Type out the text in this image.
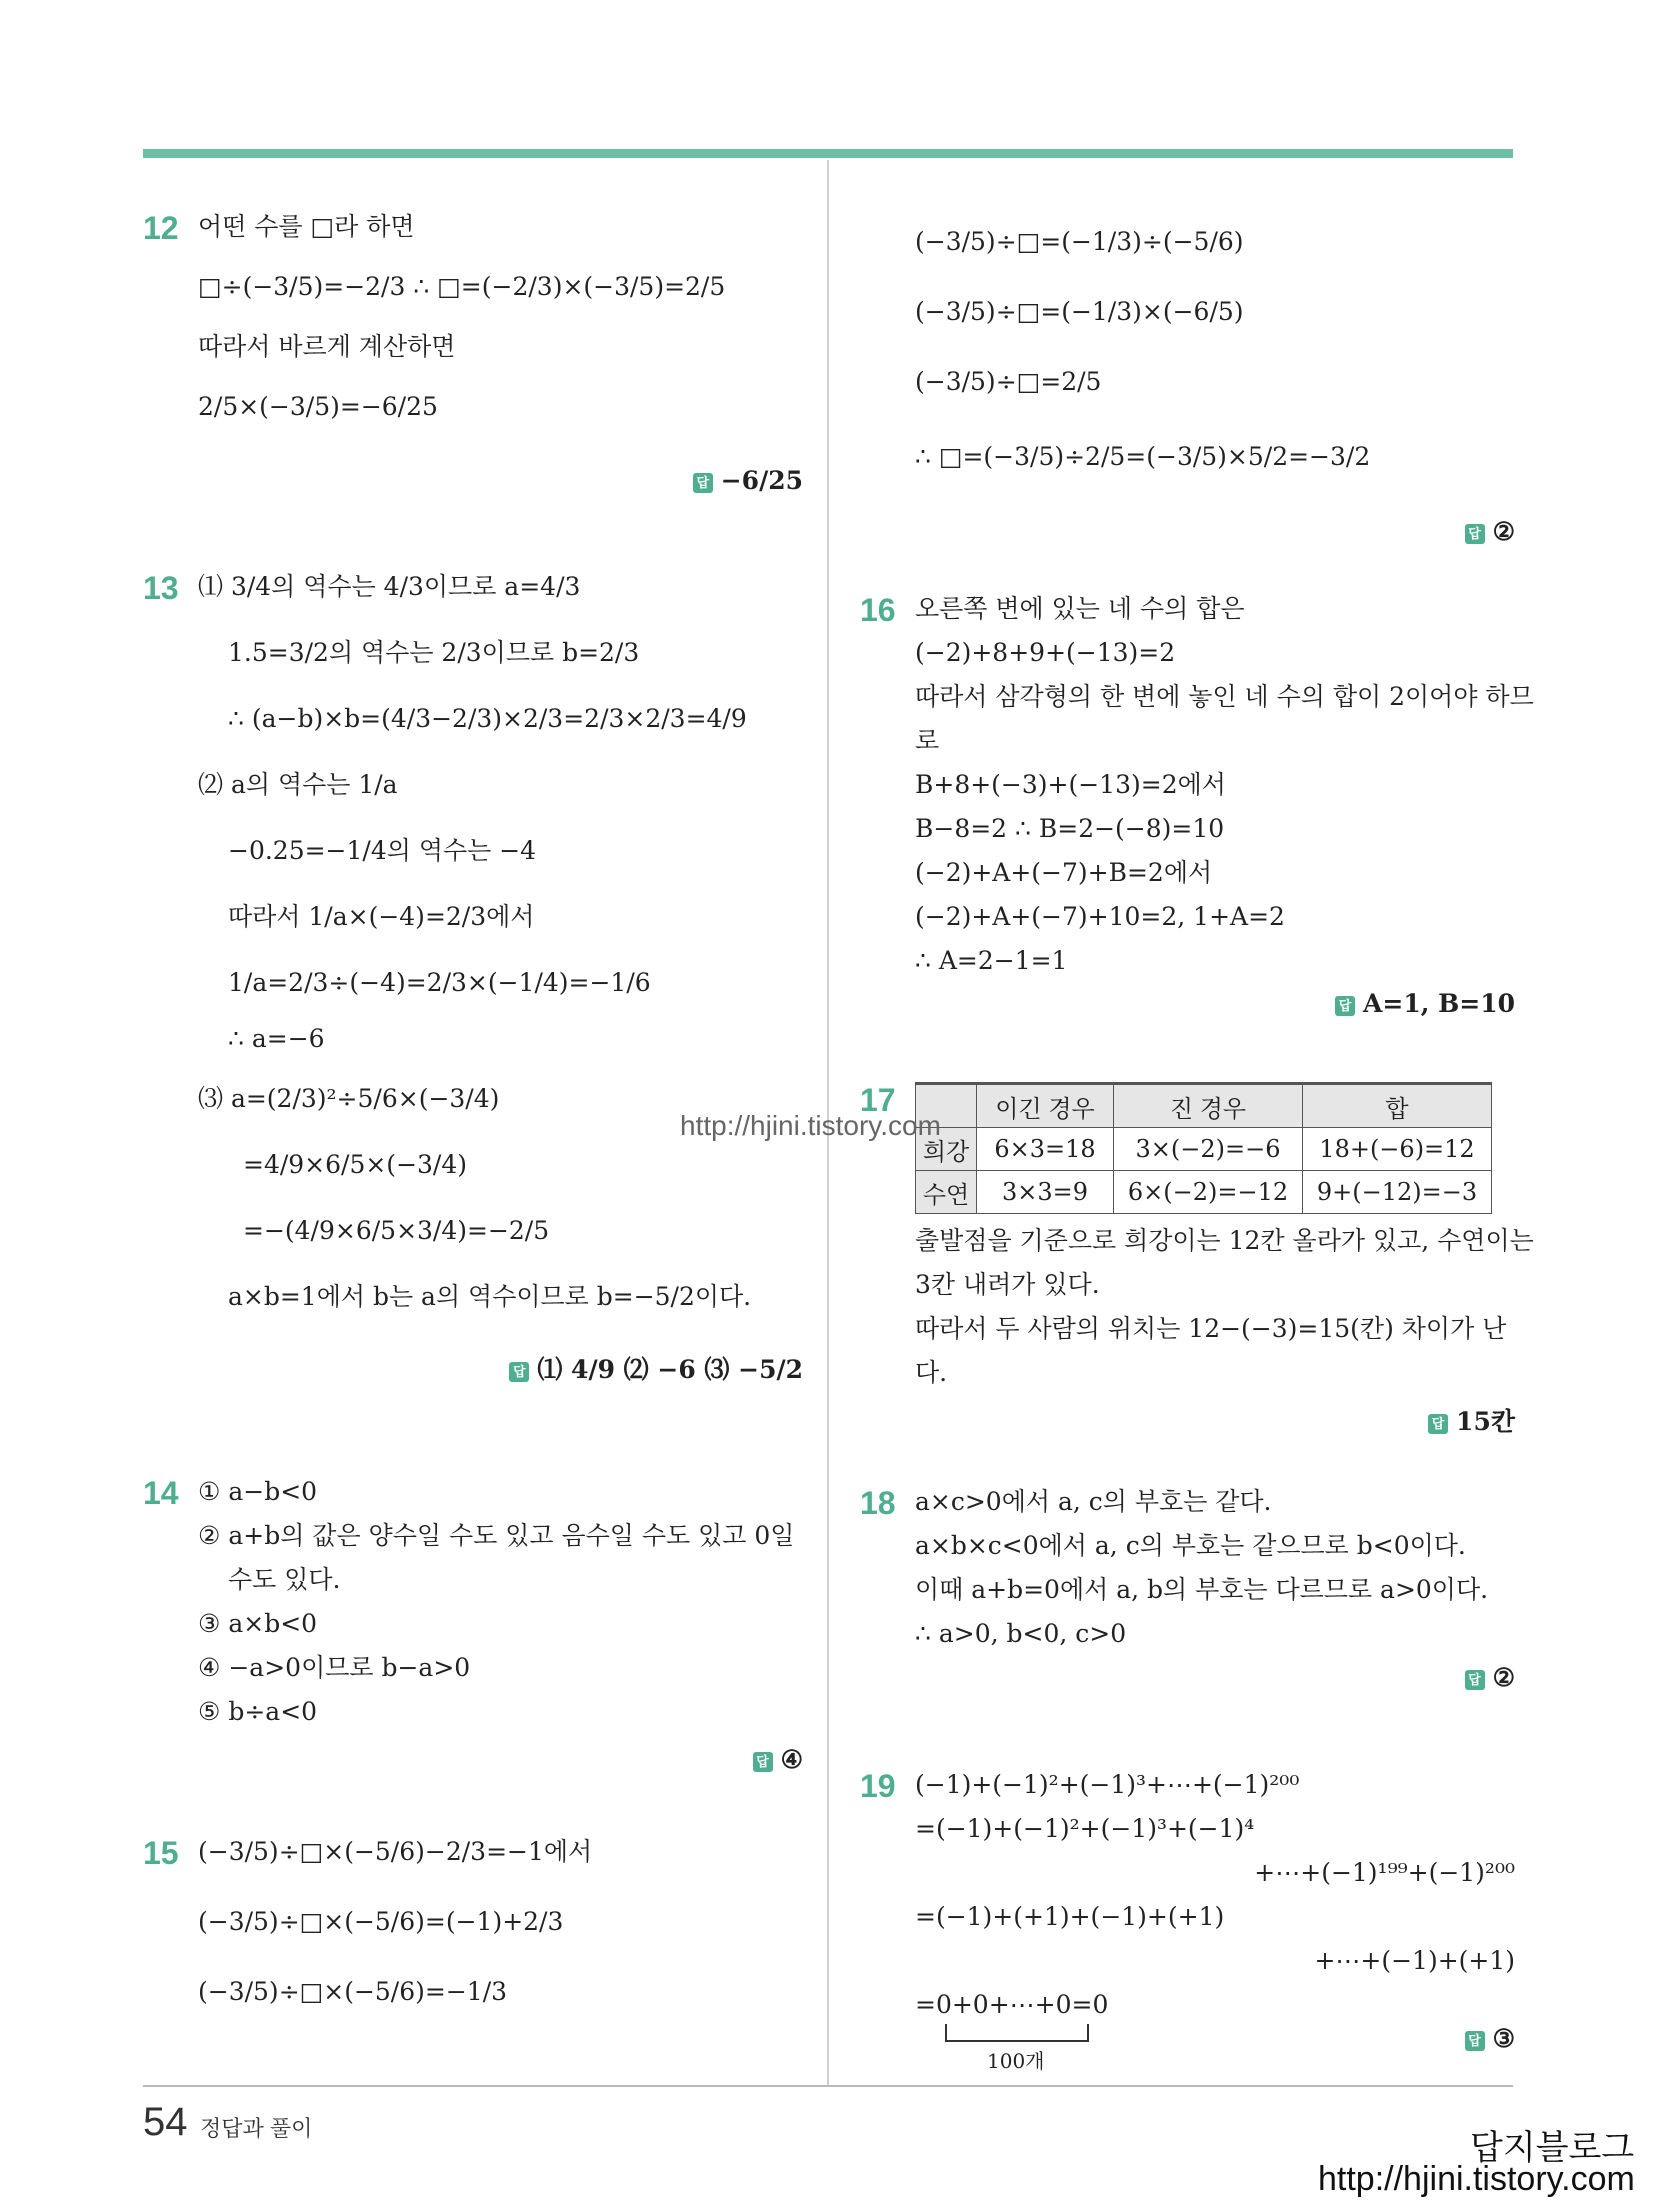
12 어떤 수를 □라 하면
□÷(−3/5)=−2/3 ∴ □=(−2/3)×(−3/5)=2/5
따라서 바르게 계산하면
2/5×(−3/5)=−6/25
답 −6/25
13 ⑴ 3/4의 역수는 4/3이므로 a=4/3
1.5=3/2의 역수는 2/3이므로 b=2/3
∴ (a−b)×b=(4/3−2/3)×2/3=2/3×2/3=4/9
⑵ a의 역수는 1/a
−0.25=−1/4의 역수는 −4
따라서 1/a×(−4)=2/3에서
1/a=2/3÷(−4)=2/3×(−1/4)=−1/6
∴ a=−6
⑶ a=(2/3)²÷5/6×(−3/4)
=4/9×6/5×(−3/4)
=−(4/9×6/5×3/4)=−2/5
a×b=1에서 b는 a의 역수이므로 b=−5/2이다.
답 ⑴ 4/9 ⑵ −6 ⑶ −5/2
14 ① a−b<0
② a+b의 값은 양수일 수도 있고 음수일 수도 있고 0일
수도 있다.
③ a×b<0
④ −a>0이므로 b−a>0
⑤ b÷a<0
답 ④
15 (−3/5)÷□×(−5/6)−2/3=−1에서
(−3/5)÷□×(−5/6)=(−1)+2/3
(−3/5)÷□×(−5/6)=−1/3
(−3/5)÷□=(−1/3)÷(−5/6)
(−3/5)÷□=(−1/3)×(−6/5)
(−3/5)÷□=2/5
∴ □=(−3/5)÷2/5=(−3/5)×5/2=−3/2
답 ②
16 오른쪽 변에 있는 네 수의 합은
(−2)+8+9+(−13)=2
따라서 삼각형의 한 변에 놓인 네 수의 합이 2이어야 하므
로
B+8+(−3)+(−13)=2에서
B−8=2 ∴ B=2−(−8)=10
(−2)+A+(−7)+B=2에서
(−2)+A+(−7)+10=2, 1+A=2
∴ A=2−1=1
답 A=1, B=10
17
		이긴 경우	진 경우	합
희강	6×3=18	3×(−2)=−6	18+(−6)=12
수연	3×3=9	6×(−2)=−12	9+(−12)=−3
출발점을 기준으로 희강이는 12칸 올라가 있고, 수연이는
3칸 내려가 있다.
따라서 두 사람의 위치는 12−(−3)=15(칸) 차이가 난
다.
답 15칸
18 a×c>0에서 a, c의 부호는 같다.
a×b×c<0에서 a, c의 부호는 같으므로 b<0이다.
이때 a+b=0에서 a, b의 부호는 다르므로 a>0이다.
∴ a>0, b<0, c>0
답 ②
19 (−1)+(−1)²+(−1)³+⋯+(−1)²⁰⁰
=(−1)+(−1)²+(−1)³+(−1)⁴
+⋯+(−1)¹⁹⁹+(−1)²⁰⁰
=(−1)+(+1)+(−1)+(+1)
+⋯+(−1)+(+1)
=0+0+⋯+0=0
100개
답 ③
http://hjini.tistory.com
54 정답과 풀이
답지블로그
http://hjini.tistory.com
